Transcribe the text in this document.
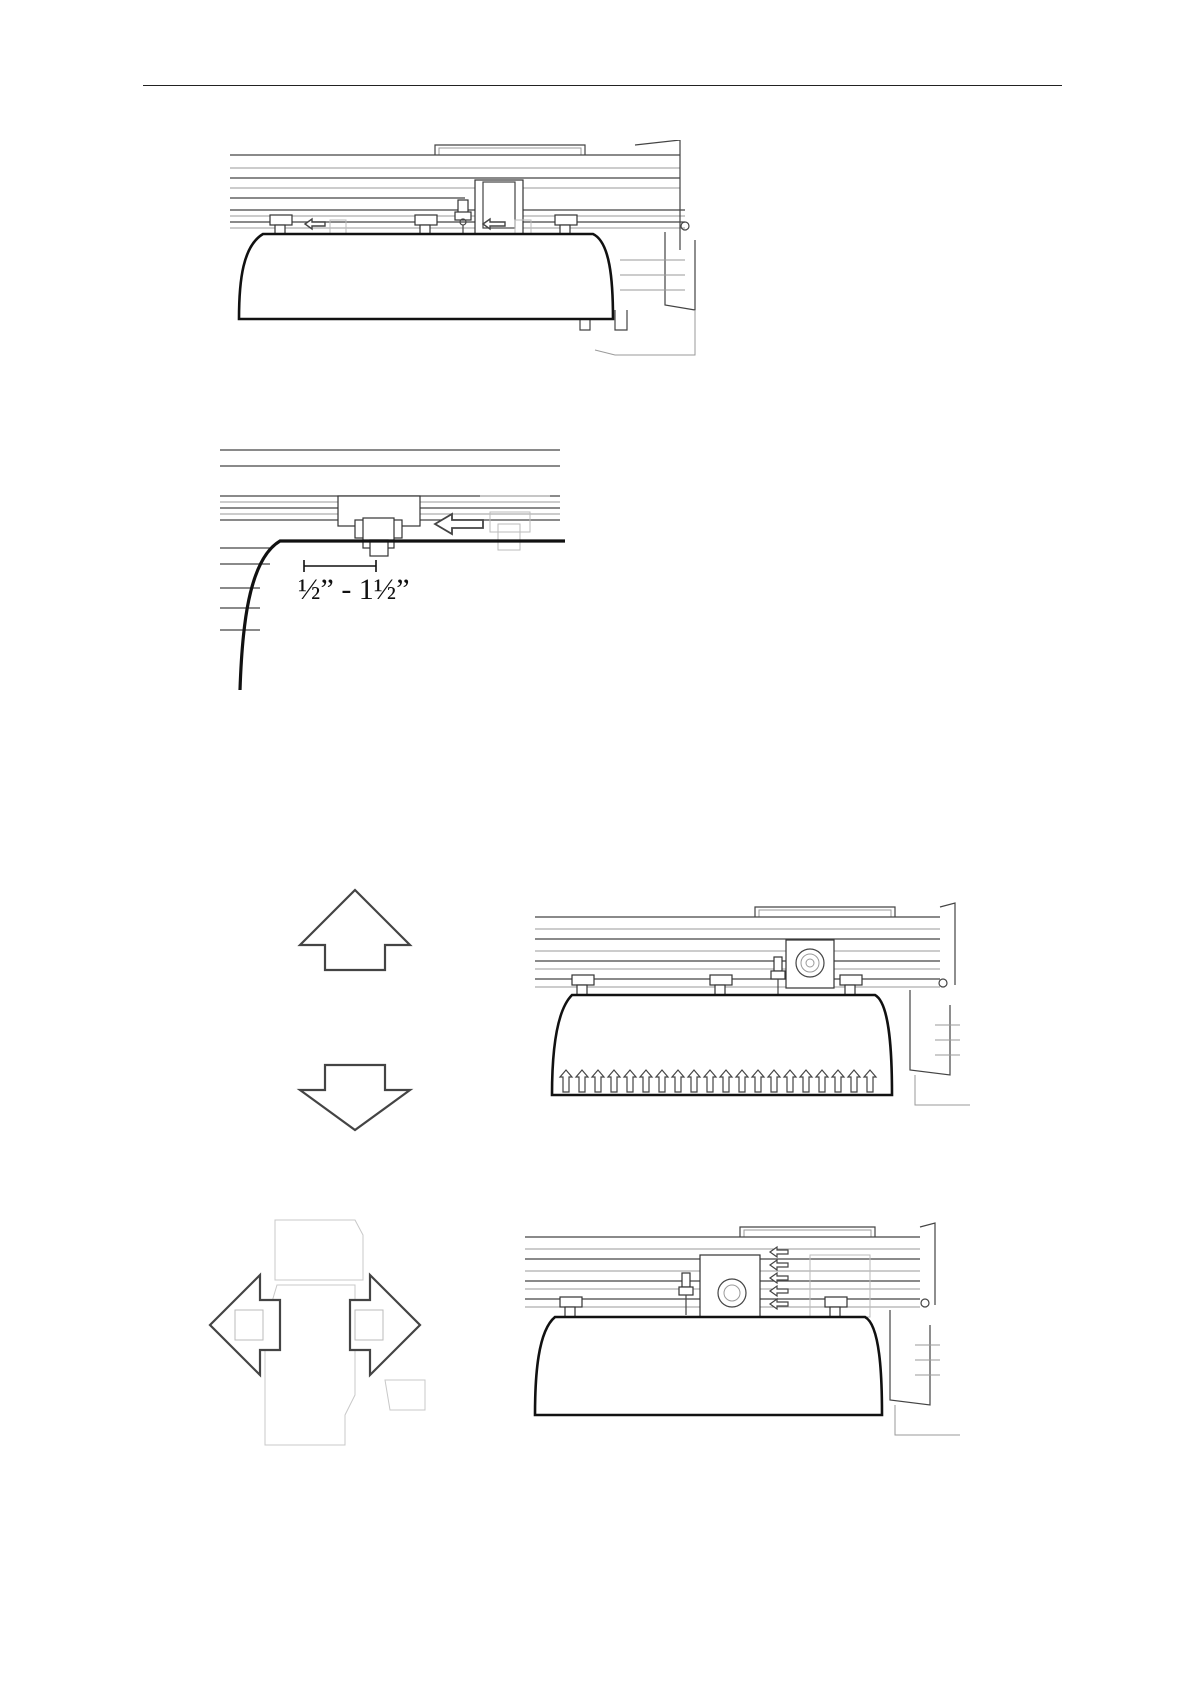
½” - 1½”
